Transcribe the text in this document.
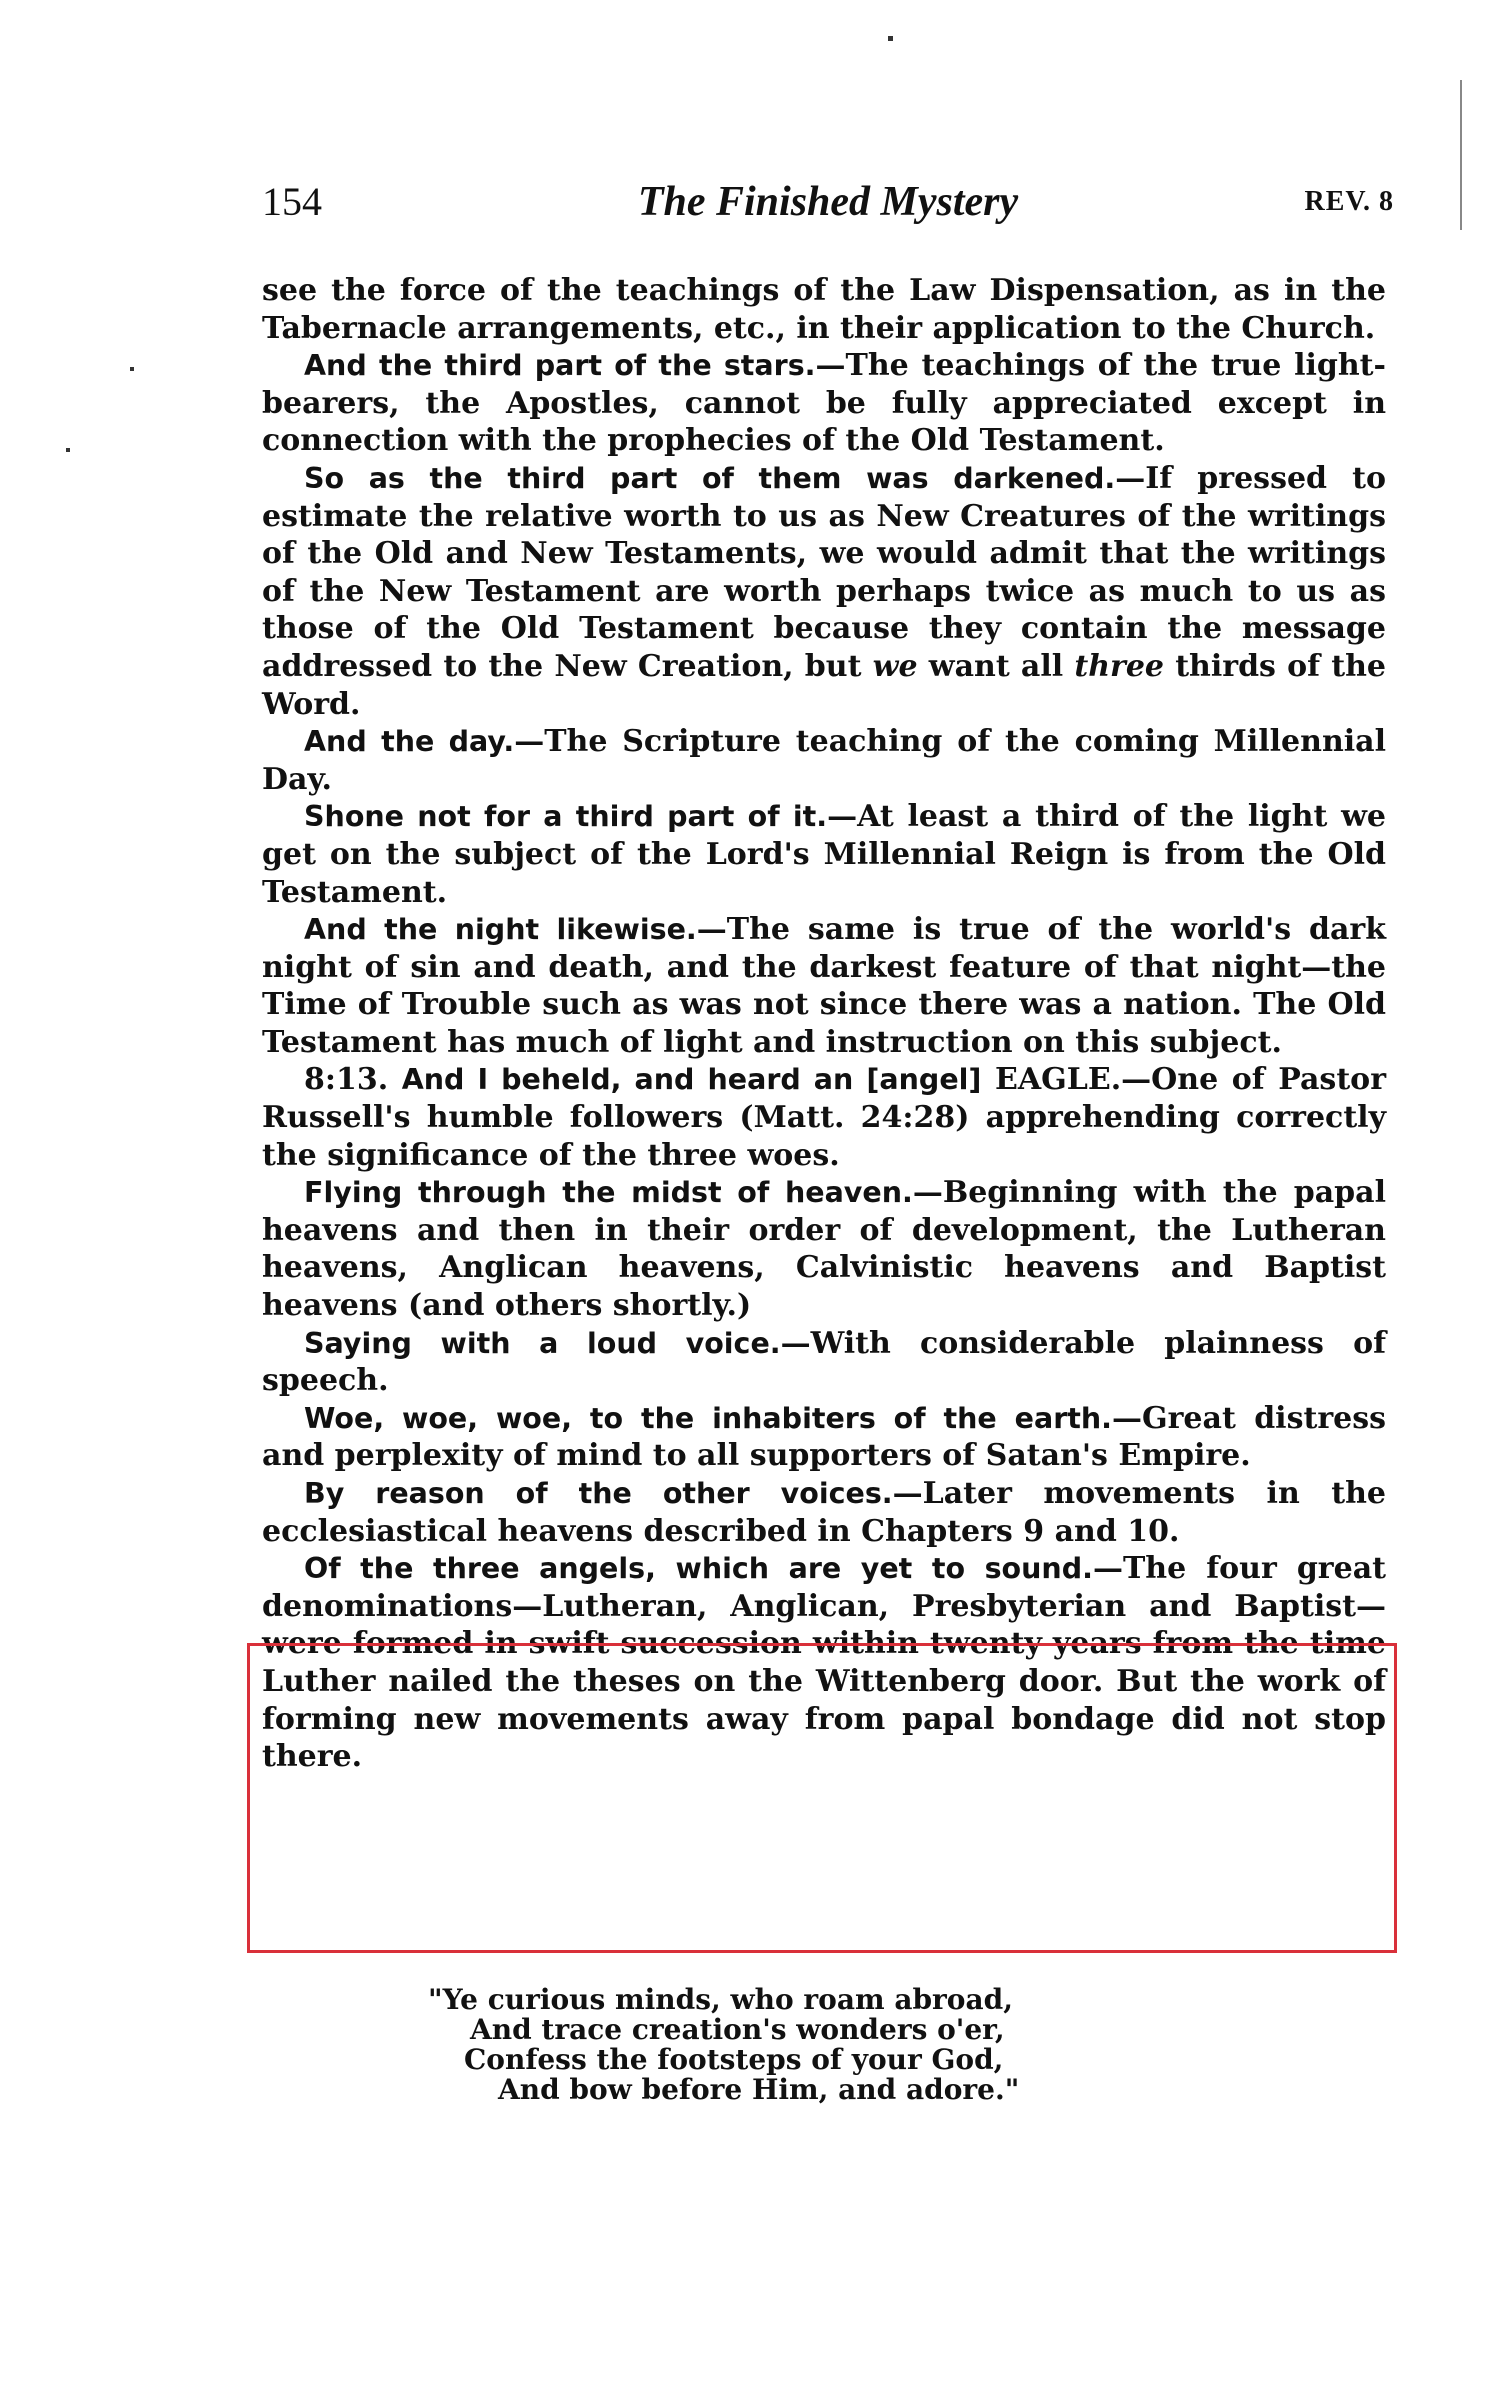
154	The Finished Mystery	REV. 8

see the force of the teachings of the Law Dispensation, as in the Tabernacle arrangements, etc., in their application to the Church.

And the third part of the stars.—The teachings of the true light-bearers, the Apostles, cannot be fully appreciated except in connection with the prophecies of the Old Testament.

So as the third part of them was darkened.—If pressed to estimate the relative worth to us as New Creatures of the writings of the Old and New Testaments, we would admit that the writings of the New Testament are worth perhaps twice as much to us as those of the Old Testament because they contain the message addressed to the New Creation, but we want all three thirds of the Word.

And the day.—The Scripture teaching of the coming Millennial Day.

Shone not for a third part of it.—At least a third of the light we get on the subject of the Lord's Millennial Reign is from the Old Testament.

And the night likewise.—The same is true of the world's dark night of sin and death, and the darkest feature of that night—the Time of Trouble such as was not since there was a nation. The Old Testament has much of light and instruction on this subject.

8:13. And I beheld, and heard an [angel] EAGLE.—One of Pastor Russell's humble followers (Matt. 24:28) apprehending correctly the significance of the three woes.

Flying through the midst of heaven.—Beginning with the papal heavens and then in their order of development, the Lutheran heavens, Anglican heavens, Calvinistic heavens and Baptist heavens (and others shortly.)

Saying with a loud voice.—With considerable plainness of speech.

Woe, woe, woe, to the inhabiters of the earth.—Great distress and perplexity of mind to all supporters of Satan's Empire.

By reason of the other voices.—Later movements in the ecclesiastical heavens described in Chapters 9 and 10.

Of the three angels, which are yet to sound.—The four great denominations—Lutheran, Anglican, Presbyterian and Baptist—were formed in swift succession within twenty years from the time Luther nailed the theses on the Wittenberg door. But the work of forming new movements away from papal bondage did not stop there.

"Ye curious minds, who roam abroad,
And trace creation's wonders o'er,
Confess the footsteps of your God,
And bow before Him, and adore."
